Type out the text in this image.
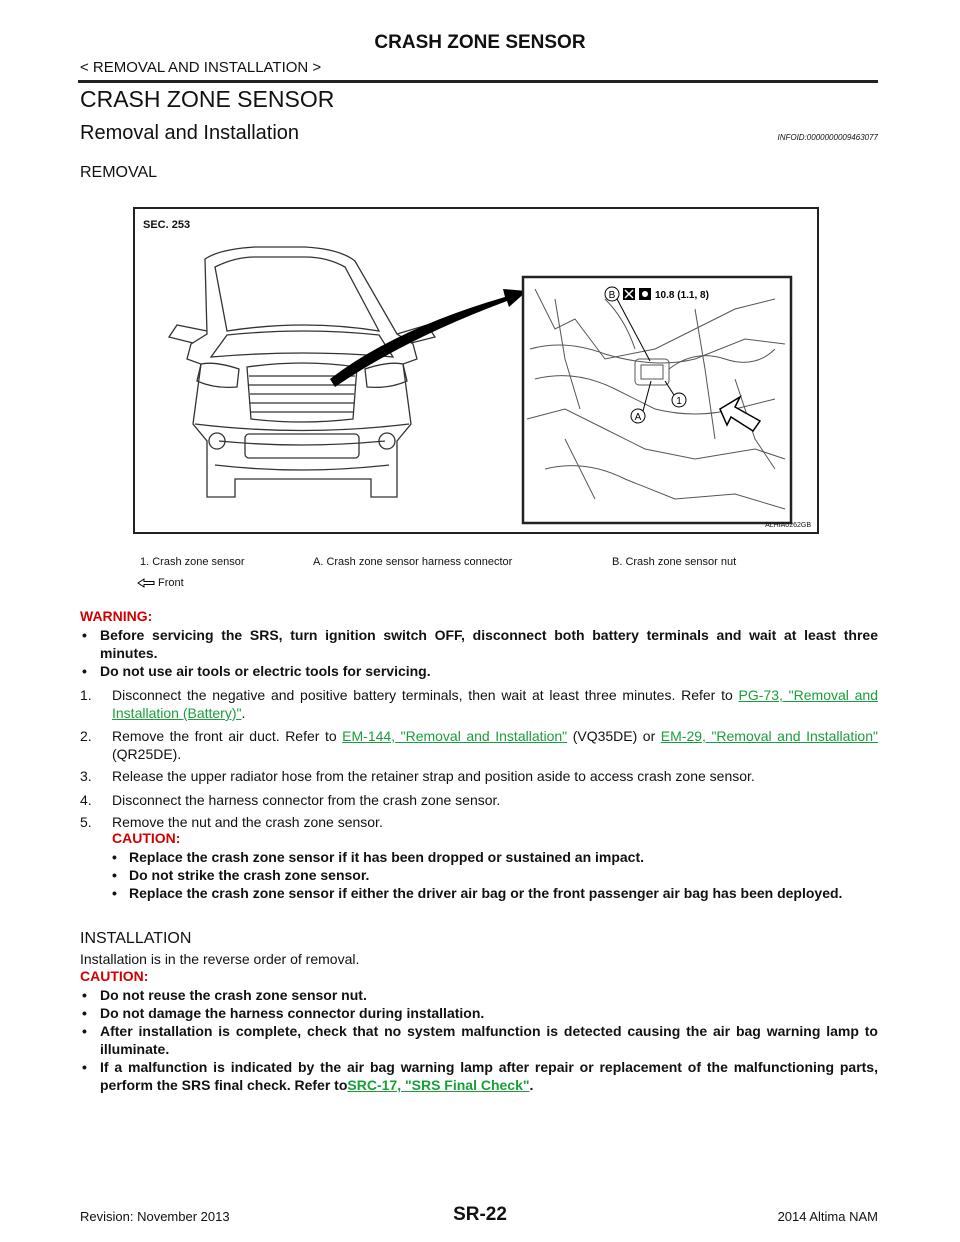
CRASH ZONE SENSOR
< REMOVAL AND INSTALLATION >
CRASH ZONE SENSOR
Removal and Installation	INFOID:0000000009463077
REMOVAL
SEC. 253
B	10.8 (1.1, 8)
A
1
ALHIA0262GB
1. Crash zone sensor	A. Crash zone sensor harness connector	B. Crash zone sensor nut
Front
WARNING:
• Before servicing the SRS, turn ignition switch OFF, disconnect both battery terminals and wait at least three minutes.
• Do not use air tools or electric tools for servicing.
1. Disconnect the negative and positive battery terminals, then wait at least three minutes. Refer to PG-73, "Removal and Installation (Battery)".
2. Remove the front air duct. Refer to EM-144, "Removal and Installation" (VQ35DE) or EM-29, "Removal and Installation" (QR25DE).
3. Release the upper radiator hose from the retainer strap and position aside to access crash zone sensor.
4. Disconnect the harness connector from the crash zone sensor.
5. Remove the nut and the crash zone sensor.
CAUTION:
• Replace the crash zone sensor if it has been dropped or sustained an impact.
• Do not strike the crash zone sensor.
• Replace the crash zone sensor if either the driver air bag or the front passenger air bag has been deployed.
INSTALLATION
Installation is in the reverse order of removal.
CAUTION:
• Do not reuse the crash zone sensor nut.
• Do not damage the harness connector during installation.
• After installation is complete, check that no system malfunction is detected causing the air bag warning lamp to illuminate.
• If a malfunction is indicated by the air bag warning lamp after repair or replacement of the malfunctioning parts, perform the SRS final check. Refer toSRC-17, "SRS Final Check".
Revision: November 2013	SR-22	2014 Altima NAM
